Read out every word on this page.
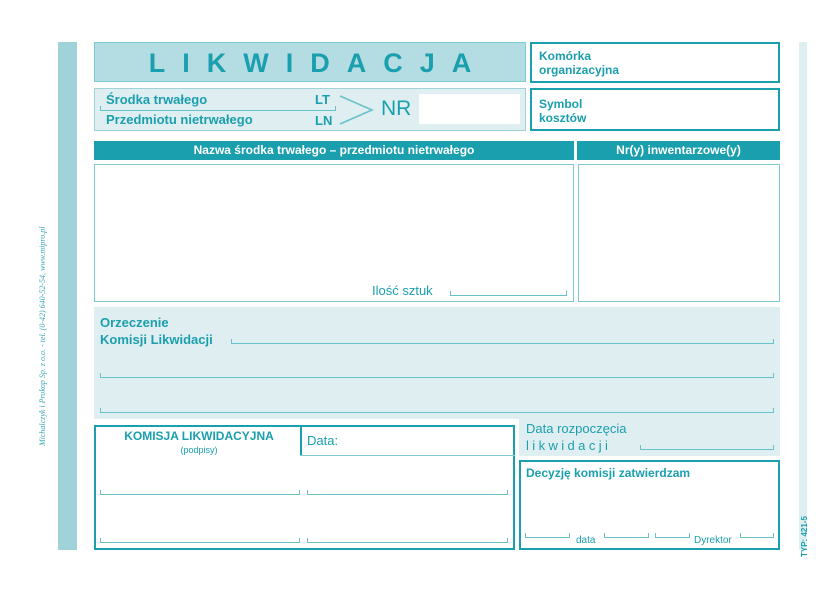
Michalczyk i Prokop Sp. z o.o. - tel. (0-42) 640-52-54, www.mipro.pl
TYP: 421-5
LIKWIDACJA	Komórka organizacyjna
Środka trwałego	LT
Przedmiotu nietrwałego	LN
NR	Symbol kosztów
Nazwa środka trwałego – przedmiotu nietrwałego	Nr(y) inwentarzowe(y)
Ilość sztuk
Orzeczenie
Komisji Likwidacji
KOMISJA LIKWIDACYJNA
(podpisy)
Data:
Data rozpoczęcia
likwidacji
Decyzję komisji zatwierdzam
data	Dyrektor
